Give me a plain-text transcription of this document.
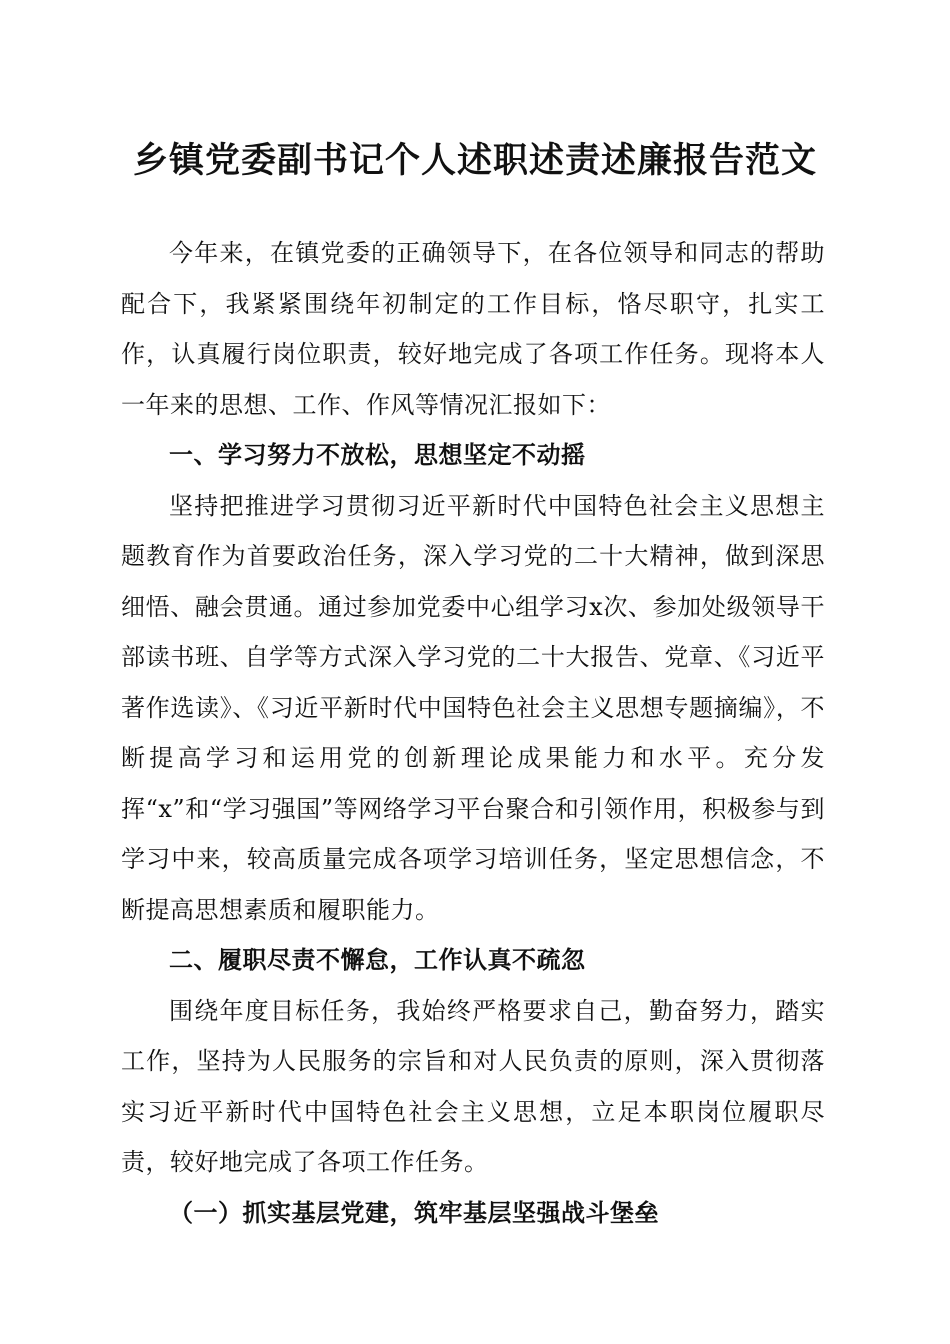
乡镇党委副书记个人述职述责述廉报告范文

今年来，在镇党委的正确领导下，在各位领导和同志的帮助配合下，我紧紧围绕年初制定的工作目标，恪尽职守，扎实工作，认真履行岗位职责，较好地完成了各项工作任务。现将本人一年来的思想、工作、作风等情况汇报如下：

一、学习努力不放松，思想坚定不动摇

坚持把推进学习贯彻习近平新时代中国特色社会主义思想主题教育作为首要政治任务，深入学习党的二十大精神，做到深思细悟、融会贯通。通过参加党委中心组学习x次、参加处级领导干部读书班、自学等方式深入学习党的二十大报告、党章、《习近平著作选读》、《习近平新时代中国特色社会主义思想专题摘编》，不断提高学习和运用党的创新理论成果能力和水平。充分发挥“x”和“学习强国”等网络学习平台聚合和引领作用，积极参与到学习中来，较高质量完成各项学习培训任务，坚定思想信念，不断提高思想素质和履职能力。

二、履职尽责不懈怠，工作认真不疏忽

围绕年度目标任务，我始终严格要求自己，勤奋努力，踏实工作，坚持为人民服务的宗旨和对人民负责的原则，深入贯彻落实习近平新时代中国特色社会主义思想，立足本职岗位履职尽责，较好地完成了各项工作任务。

（一）抓实基层党建，筑牢基层坚强战斗堡垒
